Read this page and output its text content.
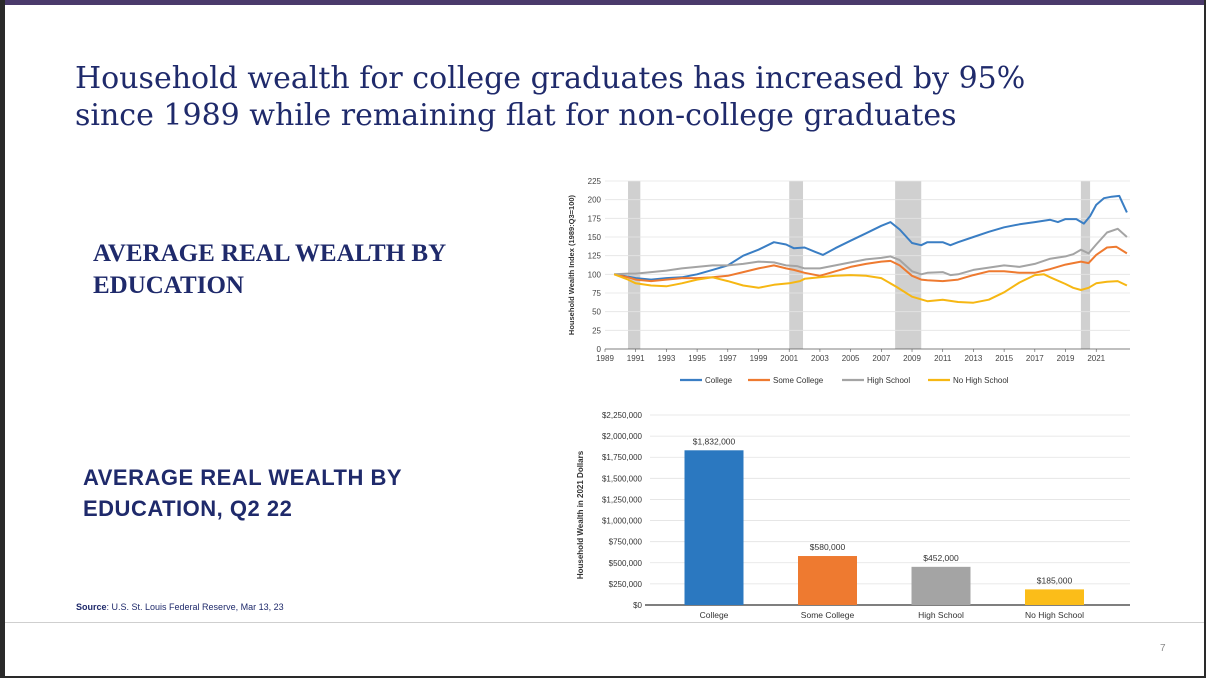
Household wealth for college graduates has increased by 95%
since 1989 while remaining flat for non-college graduates
AVERAGE REAL WEALTH BY
EDUCATION
AVERAGE REAL WEALTH BY
EDUCATION, Q2 22
0
25
50
75
100
125
150
175
200
225
1989 1991 1993 1995 1997 1999 2001 2003 2005 2007 2009 2011 2013 2015 2017 2019 2021
Household Wealth Index (1989:Q3=100)
College	Some College	High School	No High School
$0
$250,000
$500,000
$750,000
$1,000,000
$1,250,000
$1,500,000
$1,750,000
$2,000,000
$2,250,000
Household Wealth in 2021 Dollars
$1,832,000
College
$580,000
Some College
$452,000
High School
$185,000
No High School
Source: U.S. St. Louis Federal Reserve, Mar 13, 23
7
